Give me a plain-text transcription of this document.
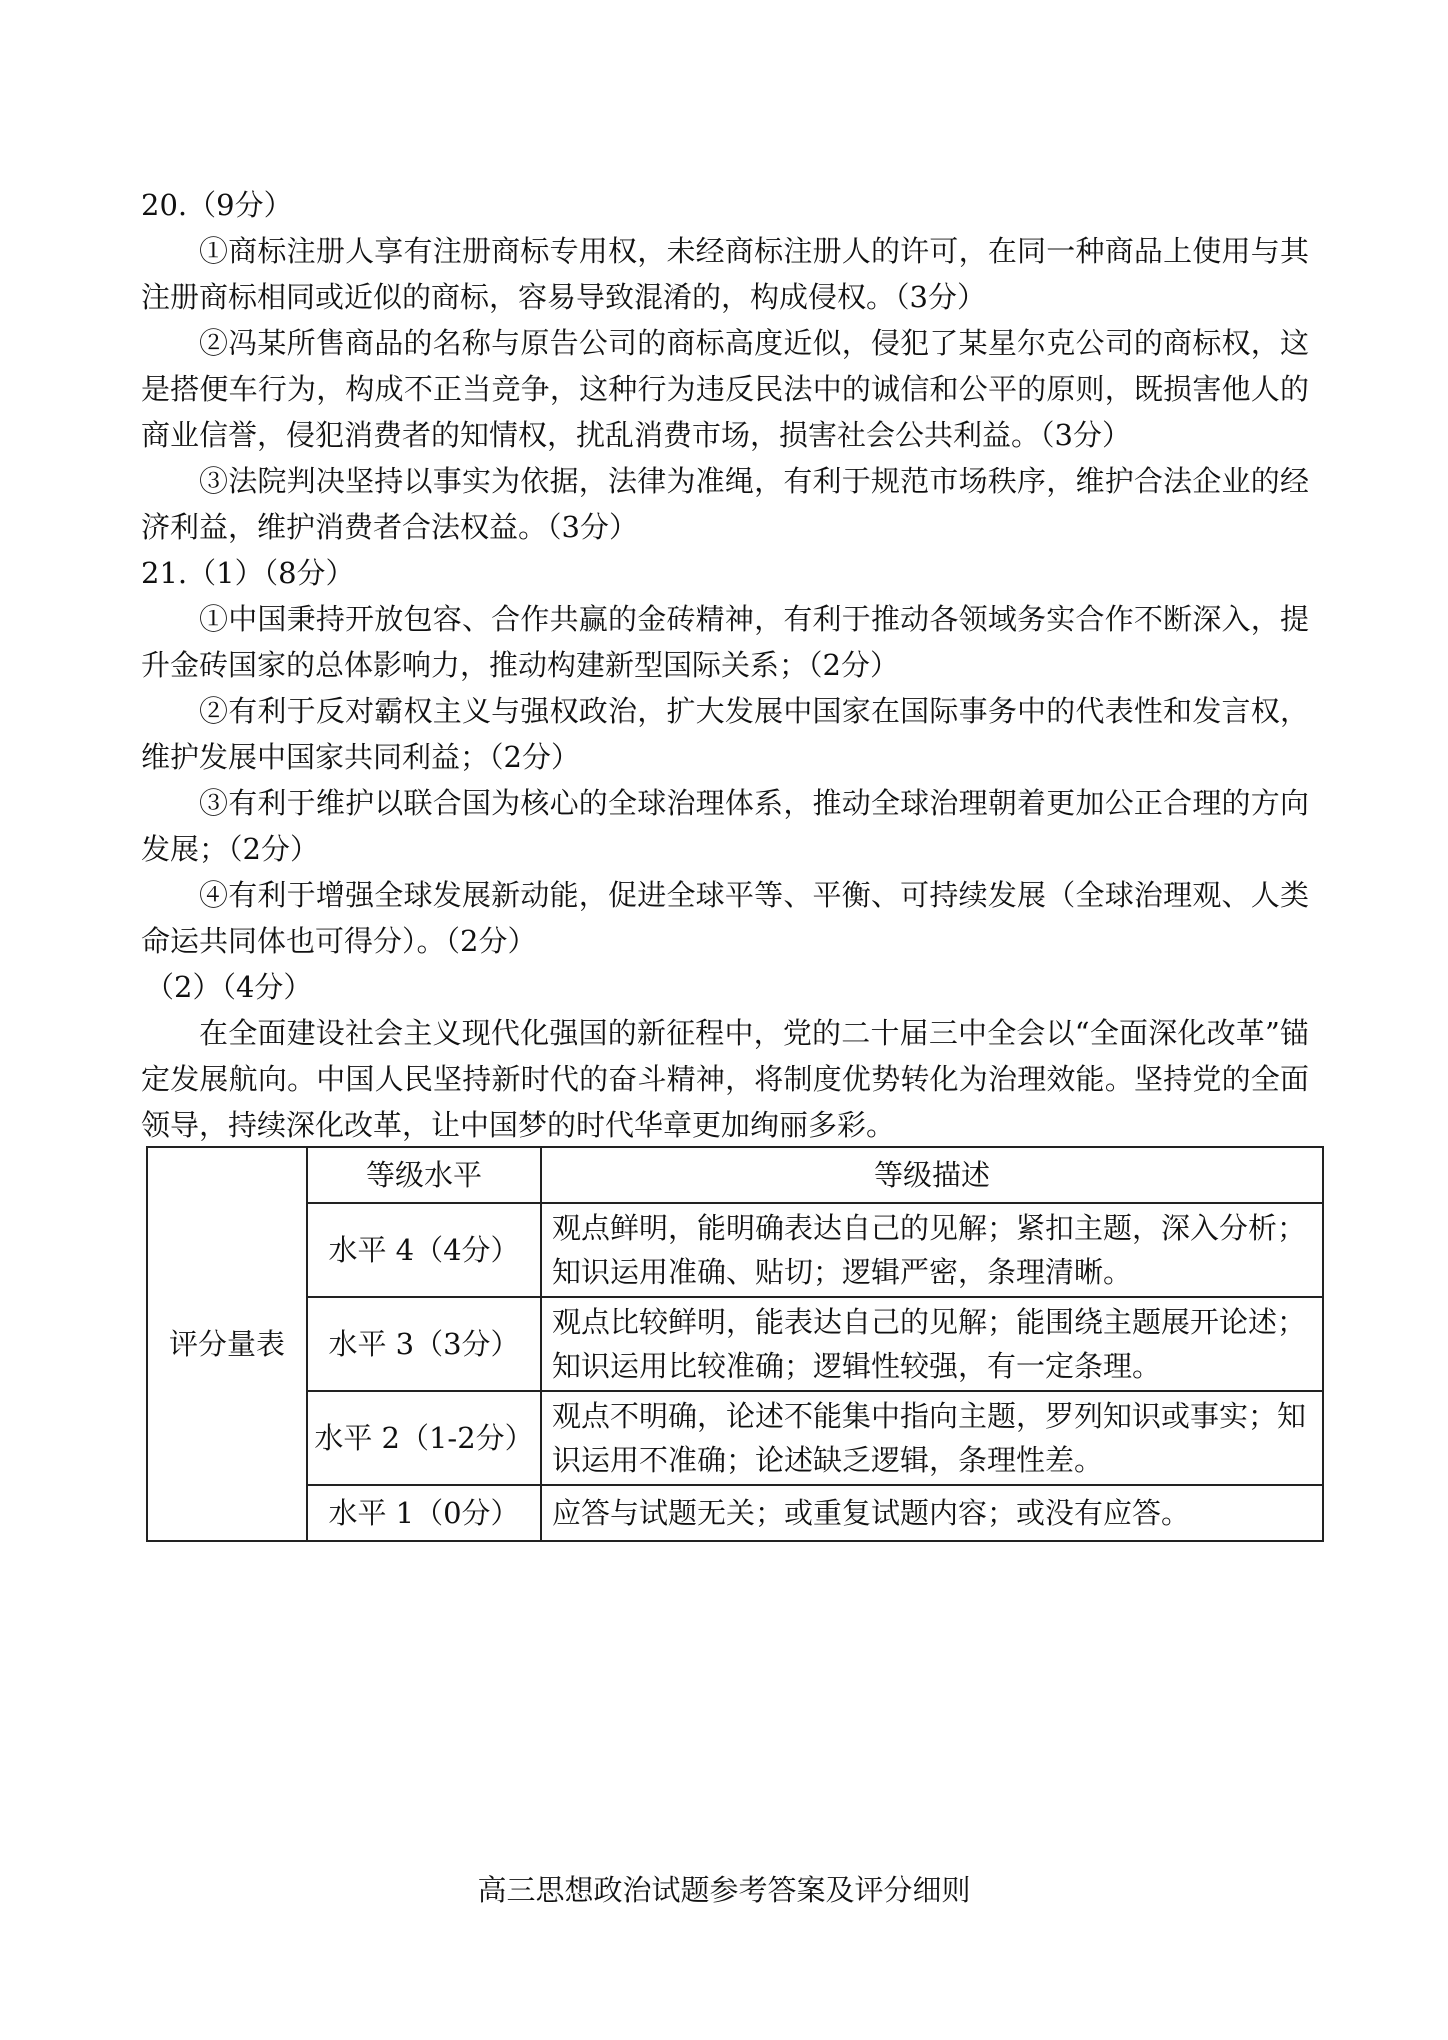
20.（9分）

①商标注册人享有注册商标专用权，未经商标注册人的许可，在同一种商品上使用与其注册商标相同或近似的商标，容易导致混淆的，构成侵权。（3分）

②冯某所售商品的名称与原告公司的商标高度近似，侵犯了某星尔克公司的商标权，这是搭便车行为，构成不正当竞争，这种行为违反民法中的诚信和公平的原则，既损害他人的商业信誉，侵犯消费者的知情权，扰乱消费市场，损害社会公共利益。（3分）

③法院判决坚持以事实为依据，法律为准绳，有利于规范市场秩序，维护合法企业的经济利益，维护消费者合法权益。（3分）

21.（1）（8分）

①中国秉持开放包容、合作共赢的金砖精神，有利于推动各领域务实合作不断深入，提升金砖国家的总体影响力，推动构建新型国际关系；（2分）

②有利于反对霸权主义与强权政治，扩大发展中国家在国际事务中的代表性和发言权，维护发展中国家共同利益；（2分）

③有利于维护以联合国为核心的全球治理体系，推动全球治理朝着更加公正合理的方向发展；（2分）

④有利于增强全球发展新动能，促进全球平等、平衡、可持续发展（全球治理观、人类命运共同体也可得分）。（2分）

（2）（4分）

在全面建设社会主义现代化强国的新征程中，党的二十届三中全会以“全面深化改革”锚定发展航向。中国人民坚持新时代的奋斗精神，将制度优势转化为治理效能。坚持党的全面领导，持续深化改革，让中国梦的时代华章更加绚丽多彩。

评分量表	等级水平	等级描述
	水平 4（4分）	观点鲜明，能明确表达自己的见解；紧扣主题，深入分析；知识运用准确、贴切；逻辑严密，条理清晰。
	水平 3（3分）	观点比较鲜明，能表达自己的见解；能围绕主题展开论述；知识运用比较准确；逻辑性较强，有一定条理。
	水平 2（1-2分）	观点不明确，论述不能集中指向主题，罗列知识或事实；知识运用不准确；论述缺乏逻辑，条理性差。
	水平 1（0分）	应答与试题无关；或重复试题内容；或没有应答。
高三思想政治试题参考答案及评分细则
